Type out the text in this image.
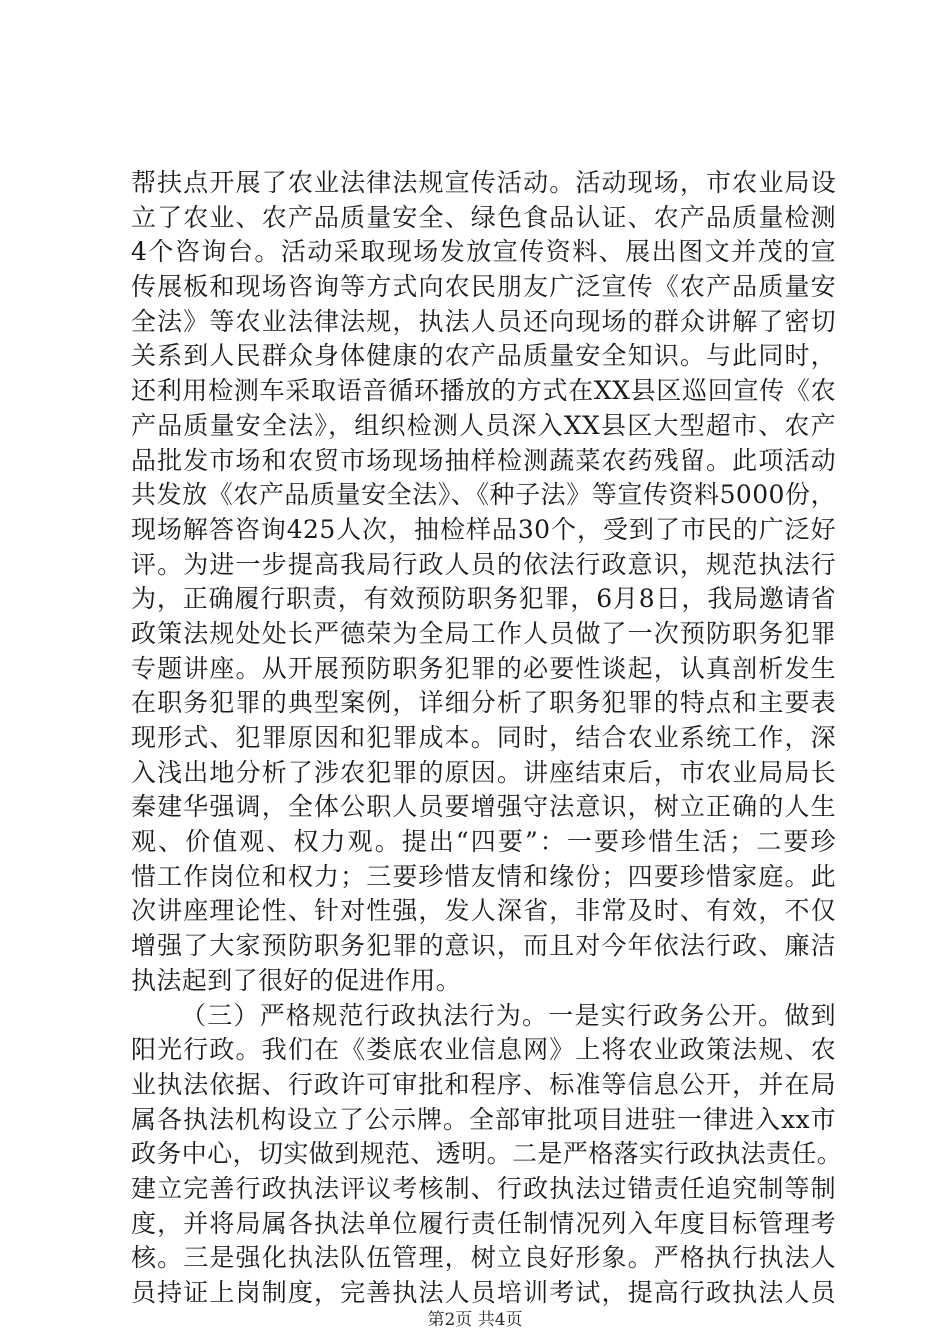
帮扶点开展了农业法律法规宣传活动。活动现场，市农业局设
立了农业、农产品质量安全、绿色食品认证、农产品质量检测
4个咨询台。活动采取现场发放宣传资料、展出图文并茂的宣
传展板和现场咨询等方式向农民朋友广泛宣传《农产品质量安
全法》等农业法律法规，执法人员还向现场的群众讲解了密切
关系到人民群众身体健康的农产品质量安全知识。与此同时，
还利用检测车采取语音循环播放的方式在XX县区巡回宣传《农
产品质量安全法》，组织检测人员深入XX县区大型超市、农产
品批发市场和农贸市场现场抽样检测蔬菜农药残留。此项活动
共发放《农产品质量安全法》、《种子法》等宣传资料5000份，
现场解答咨询425人次，抽检样品30个，受到了市民的广泛好
评。为进一步提高我局行政人员的依法行政意识，规范执法行
为，正确履行职责，有效预防职务犯罪，6月8日，我局邀请省
政策法规处处长严德荣为全局工作人员做了一次预防职务犯罪
专题讲座。从开展预防职务犯罪的必要性谈起，认真剖析发生
在职务犯罪的典型案例，详细分析了职务犯罪的特点和主要表
现形式、犯罪原因和犯罪成本。同时，结合农业系统工作，深
入浅出地分析了涉农犯罪的原因。讲座结束后，市农业局局长
秦建华强调，全体公职人员要增强守法意识，树立正确的人生
观、价值观、权力观。提出“四要”：一要珍惜生活；二要珍
惜工作岗位和权力；三要珍惜友情和缘份；四要珍惜家庭。此
次讲座理论性、针对性强，发人深省，非常及时、有效，不仅
增强了大家预防职务犯罪的意识，而且对今年依法行政、廉洁
执法起到了很好的促进作用。
（三）严格规范行政执法行为。一是实行政务公开。做到
阳光行政。我们在《娄底农业信息网》上将农业政策法规、农
业执法依据、行政许可审批和程序、标准等信息公开，并在局
属各执法机构设立了公示牌。全部审批项目进驻一律进入xx市
政务中心，切实做到规范、透明。二是严格落实行政执法责任。
建立完善行政执法评议考核制、行政执法过错责任追究制等制
度，并将局属各执法单位履行责任制情况列入年度目标管理考
核。三是强化执法队伍管理，树立良好形象。严格执行执法人
员持证上岗制度，完善执法人员培训考试，提高行政执法人员
第2页 共4页
